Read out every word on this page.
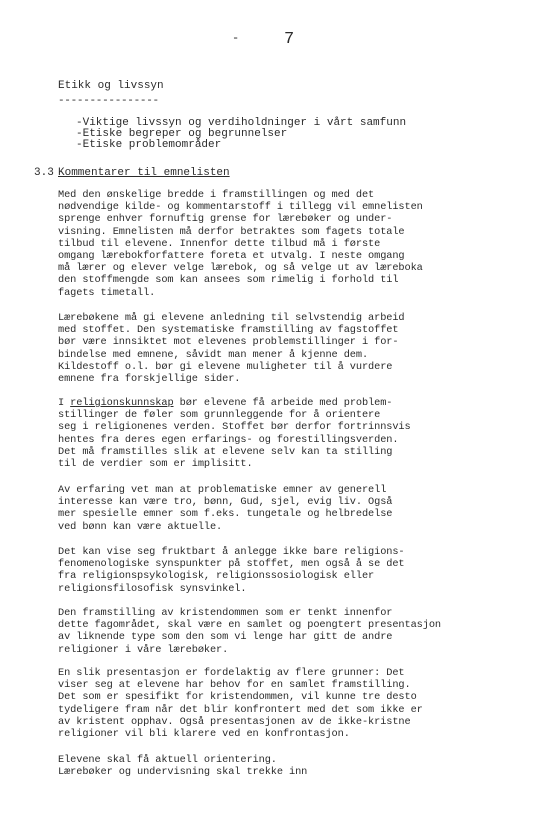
-	7
Etikk og livssyn
----------------
-Viktige livssyn og verdiholdninger i vårt samfunn
-Etiske begreper og begrunnelser
-Etiske problemområder
3.3 Kommentarer til emnelisten
Med den ønskelige bredde i framstillingen og med det
nødvendige kilde- og kommentarstoff i tillegg vil emnelisten
sprenge enhver fornuftig grense for lærebøker og under-
visning. Emnelisten må derfor betraktes som fagets totale
tilbud til elevene. Innenfor dette tilbud må i første
omgang lærebokforfattere foreta et utvalg. I neste omgang
må lærer og elever velge lærebok, og så velge ut av læreboka
den stoffmengde som kan ansees som rimelig i forhold til
fagets timetall.
Lærebøkene må gi elevene anledning til selvstendig arbeid
med stoffet. Den systematiske framstilling av fagstoffet
bør være innsiktet mot elevenes problemstillinger i for-
bindelse med emnene, såvidt man mener å kjenne dem.
Kildestoff o.l. bør gi elevene muligheter til å vurdere
emnene fra forskjellige sider.
I religionskunnskap bør elevene få arbeide med problem-
stillinger de føler som grunnleggende for å orientere
seg i religionenes verden. Stoffet bør derfor fortrinnsvis
hentes fra deres egen erfarings- og forestillingsverden.
Det må framstilles slik at elevene selv kan ta stilling
til de verdier som er implisitt.
Av erfaring vet man at problematiske emner av generell
interesse kan være tro, bønn, Gud, sjel, evig liv. Også
mer spesielle emner som f.eks. tungetale og helbredelse
ved bønn kan være aktuelle.
Det kan vise seg fruktbart å anlegge ikke bare religions-
fenomenologiske synspunkter på stoffet, men også å se det
fra religionspsykologisk, religionssosiologisk eller
religionsfilosofisk synsvinkel.
Den framstilling av kristendommen som er tenkt innenfor
dette fagområdet, skal være en samlet og poengtert presentasjon
av liknende type som den som vi lenge har gitt de andre
religioner i våre lærebøker.
En slik presentasjon er fordelaktig av flere grunner: Det
viser seg at elevene har behov for en samlet framstilling.
Det som er spesifikt for kristendommen, vil kunne tre desto
tydeligere fram når det blir konfrontert med det som ikke er
av kristent opphav. Også presentasjonen av de ikke-kristne
religioner vil bli klarere ved en konfrontasjon.
Elevene skal få aktuell orientering.
Lærebøker og undervisning skal trekke inn
